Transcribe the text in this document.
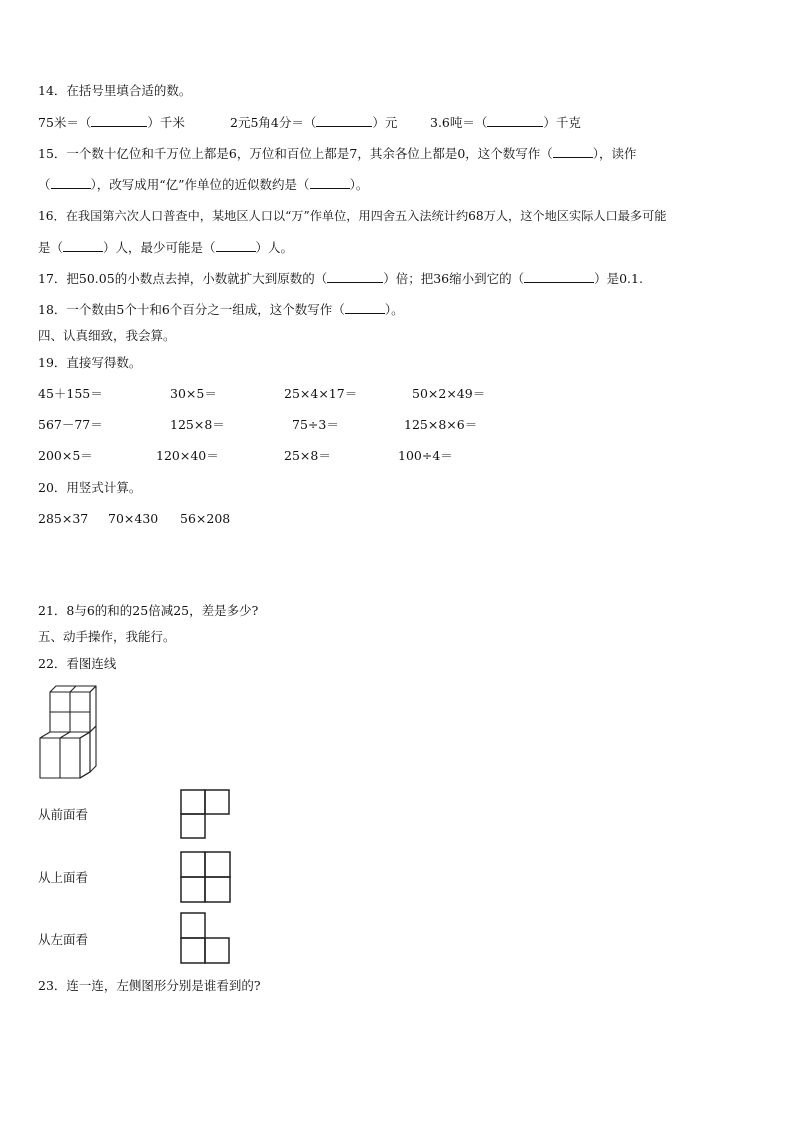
14．在括号里填合适的数。
75米＝（	）千米	2元5角4分＝（	）元	3.6吨＝（	）千克
15．一个数十亿位和千万位上都是6，万位和百位上都是7，其余各位上都是0，这个数写作（	），读作
（	），改写成用“亿”作单位的近似数约是（	）。
16．在我国第六次人口普查中，某地区人口以“万”作单位，用四舍五入法统计约68万人，这个地区实际人口最多可能
是（	）人，最少可能是（	）人。
17．把50.05的小数点去掉，小数就扩大到原数的（	）倍；把36缩小到它的（	）是0.1.
18．一个数由5个十和6个百分之一组成，这个数写作（	）。
四、认真细致，我会算。
19．直接写得数。
45＋155＝	30×5＝	25×4×17＝	50×2×49＝
567－77＝	125×8＝	75÷3＝	125×8×6＝
200×5＝	120×40＝	25×8＝	100÷4＝
20．用竖式计算。
285×37 70×430 56×208
21．8与6的和的25倍减25，差是多少?
五、动手操作，我能行。
22．看图连线
从前面看
从上面看
从左面看
23．连一连，左侧图形分别是谁看到的?
